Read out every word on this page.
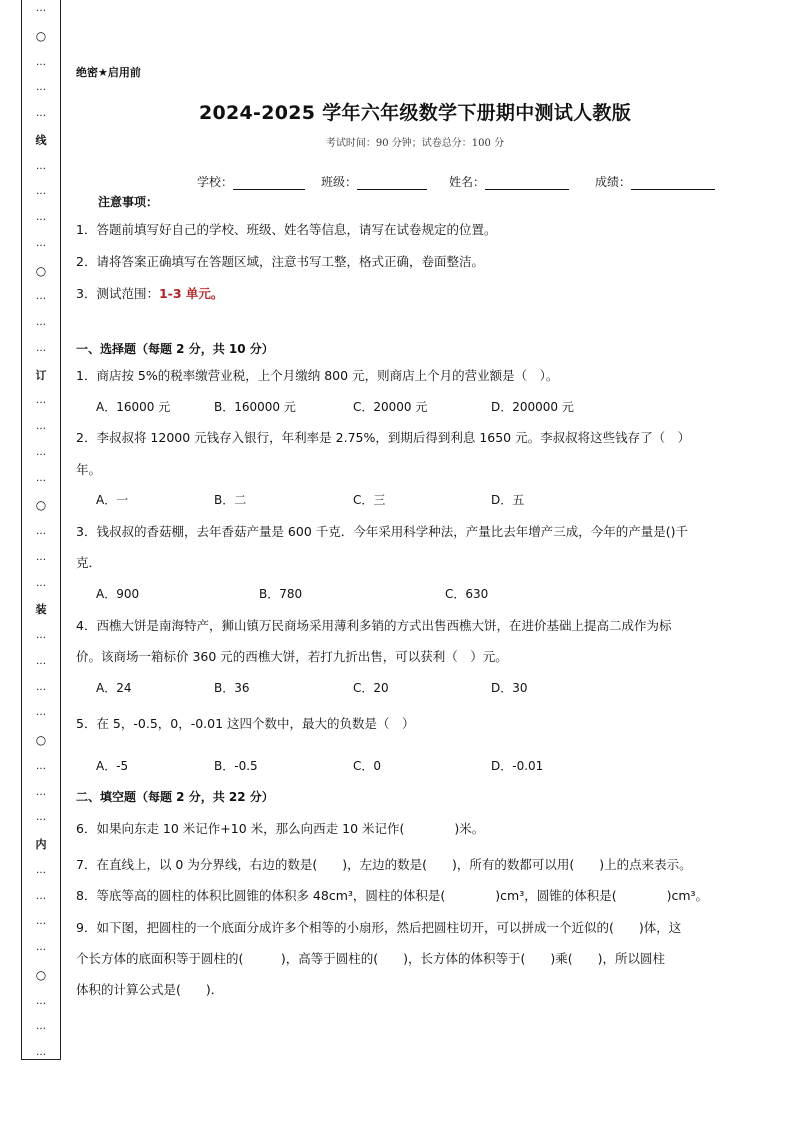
…
○
…
…
…
线
…
…
…
…
○
…
…
…
订
…
…
…
…
○
…
…
…
装
…
…
…
…
○
…
…
…
内
…
…
…
…
○
…
…
…
绝密★启用前
2024-2025 学年六年级数学下册期中测试人教版
考试时间：90 分钟；试卷总分：100 分
学校：	班级：	姓名：	成绩：
注意事项：
1．答题前填写好自己的学校、班级、姓名等信息，请写在试卷规定的位置。
2．请将答案正确填写在答题区域，注意书写工整，格式正确，卷面整洁。
3．测试范围：1-3 单元。
一、选择题（每题 2 分，共 10 分）
1．商店按 5%的税率缴营业税，上个月缴纳 800 元，则商店上个月的营业额是（　）。
A．16000 元	B．160000 元	C．20000 元	D．200000 元
2．李叔叔将 12000 元钱存入银行，年利率是 2.75%，到期后得到利息 1650 元。李叔叔将这些钱存了（　）
年。
A．一	B．二	C．三	D．五
3．钱叔叔的香菇棚，去年香菇产量是 600 千克．今年采用科学种法，产量比去年增产三成，今年的产量是()千
克．
A．900	B．780	C．630
4．西樵大饼是南海特产，狮山镇万民商场采用薄利多销的方式出售西樵大饼，在进价基础上提高二成作为标
价。该商场一箱标价 360 元的西樵大饼，若打九折出售，可以获利（　）元。
A．24	B．36	C．20	D．30
5．在 5，-0.5，0，-0.01 这四个数中，最大的负数是（　）
A．-5	B．-0.5	C．0	D．-0.01
二、填空题（每题 2 分，共 22 分）
6．如果向东走 10 米记作+10 米，那么向西走 10 米记作(　　　　)米。
7．在直线上，以 0 为分界线，右边的数是(　　)，左边的数是(　　)，所有的数都可以用(　　)上的点来表示。
8．等底等高的圆柱的体积比圆锥的体积多 48cm³，圆柱的体积是(　　　　)cm³，圆锥的体积是(　　　　)cm³。
9．如下图，把圆柱的一个底面分成许多个相等的小扇形，然后把圆柱切开，可以拼成一个近似的(　　)体，这
个长方体的底面积等于圆柱的(　　　)，高等于圆柱的(　　)，长方体的体积等于(　　)乘(　　)，所以圆柱
体积的计算公式是(　　)．
